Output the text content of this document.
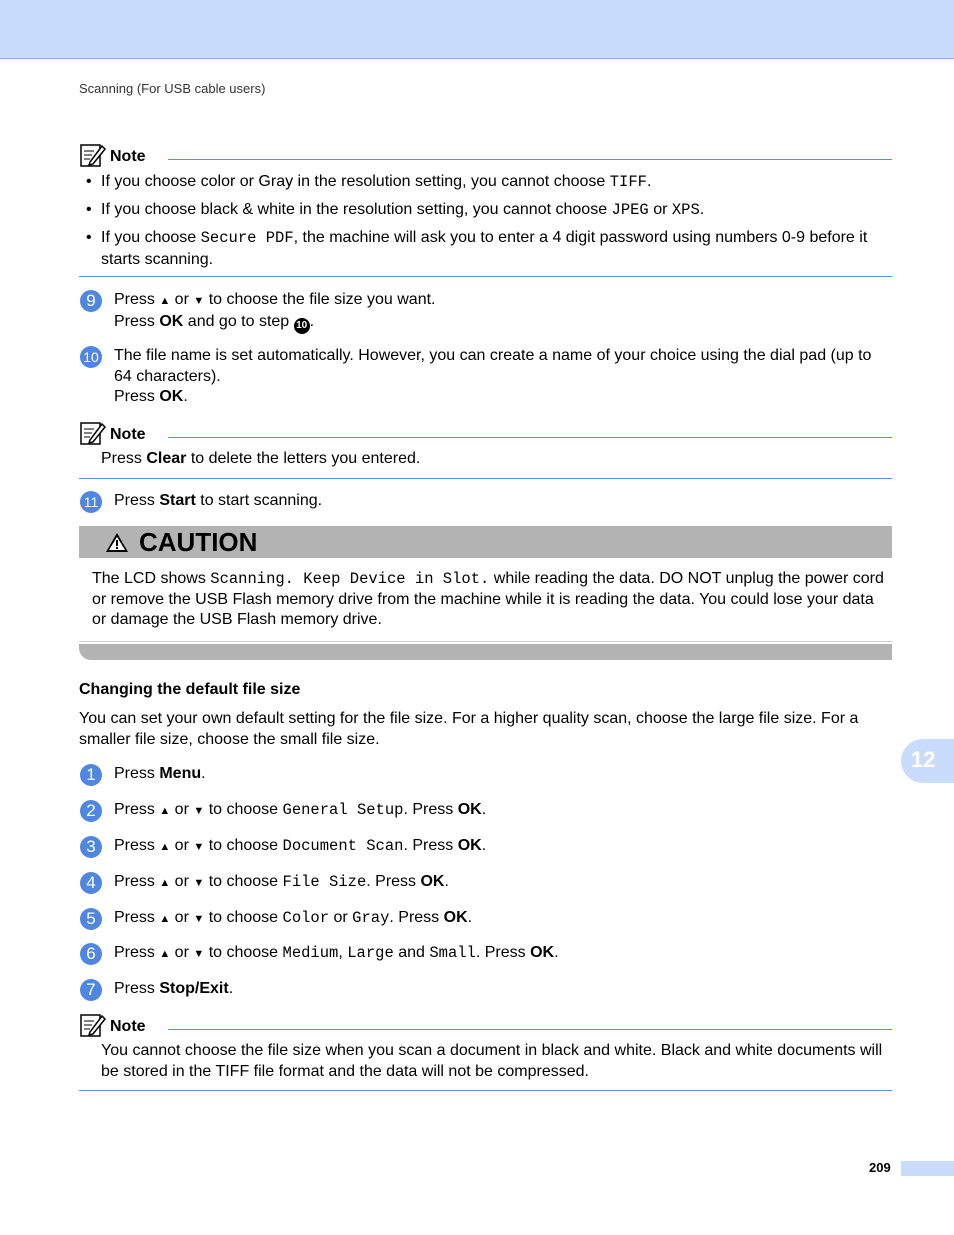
Scanning (For USB cable users)
Note
• If you choose color or Gray in the resolution setting, you cannot choose TIFF.
• If you choose black & white in the resolution setting, you cannot choose JPEG or XPS.
• If you choose Secure PDF, the machine will ask you to enter a 4 digit password using numbers 0-9 before it starts scanning.
9	Press ▲ or ▼ to choose the file size you want.
Press OK and go to step 10 .
10 The file name is set automatically. However, you can create a name of your choice using the dial pad (up to 64 characters).
Press OK.
Note
Press Clear to delete the letters you entered.
11 Press Start to start scanning.
CAUTION
The LCD shows Scanning. Keep Device in Slot. while reading the data. DO NOT unplug the power cord or remove the USB Flash memory drive from the machine while it is reading the data. You could lose your data or damage the USB Flash memory drive.
Changing the default file size
You can set your own default setting for the file size. For a higher quality scan, choose the large file size. For a smaller file size, choose the small file size.
12
1	Press Menu.
2	Press ▲ or ▼ to choose General Setup. Press OK.
3	Press ▲ or ▼ to choose Document Scan. Press OK.
4	Press ▲ or ▼ to choose File Size. Press OK.
5	Press ▲ or ▼ to choose Color or Gray. Press OK.
6	Press ▲ or ▼ to choose Medium, Large and Small. Press OK.
7	Press Stop/Exit.
Note
You cannot choose the file size when you scan a document in black and white. Black and white documents will be stored in the TIFF file format and the data will not be compressed.
209
